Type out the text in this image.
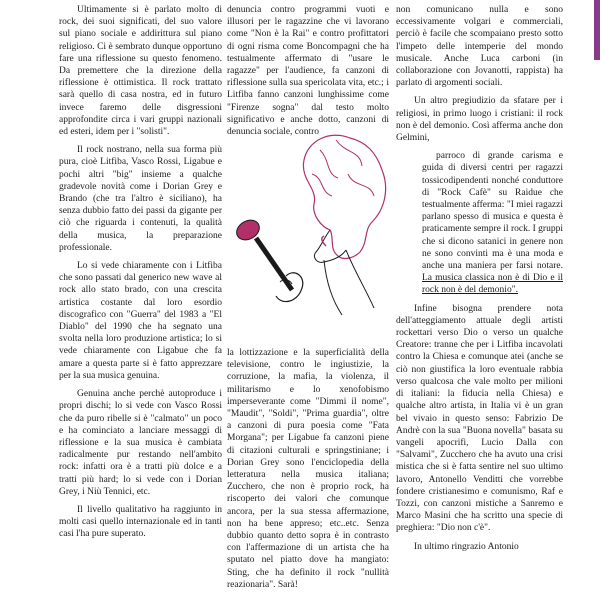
Ultimamente si è parlato molto di rock, dei suoi significati, del suo valore sul piano sociale e addirittura sul piano religioso. Ci è sembrato dunque opportuno fare una riflessione su questo fenomeno. Da premettere che la direzione della riflessione è ottimistica. Il rock trattato sarà quello di casa nostra, ed in futuro invece faremo delle disgressioni approfondite circa i vari gruppi nazionali ed esteri, idem per i "solisti".

Il rock nostrano, nella sua forma più pura, cioè Litfiba, Vasco Rossi, Ligabue e pochi altri "big" insieme a qualche gradevole novità come i Dorian Grey e Brando (che tra l'altro è siciliano), ha senza dubbio fatto dei passi da gigante per ciò che riguarda i contenuti, la qualità della musica, la preparazione professionale.

Lo si vede chiaramente con i Litfiba che sono passati dal generico new wave al rock allo stato brado, con una crescita artistica costante dal loro esordio discografico con "Guerra" del 1983 a "El Diablo" del 1990 che ha segnato una svolta nella loro produzione artistica; lo si vede chiaramente con Ligabue che fa amare a questa parte si è fatto apprezzare per la sua musica genuina.

Genuina anche perchè autoproduce i propri dischi; lo si vede con Vasco Rossi che da puro ribelle si è "calmato" un poco e ha cominciato a lanciare messaggi di riflessione e la sua musica è cambiata radicalmente pur restando nell'ambito rock: infatti ora è a tratti più dolce e a tratti più hard; lo si vede con i Dorian Grey, i Niù Tennici, etc.

Il livello qualitativo ha raggiunto in molti casi quello internazionale ed in tanti casi l'ha pure superato.

denuncia contro programmi vuoti e illusori per le ragazzine che vi lavorano come "Non è la Rai" e contro profittatori di ogni risma come Boncompagni che ha testualmente affermato di "usare le ragazze" per l'audience, fa canzoni di riflessione sulla sua spericolata vita, etc.; i Litfiba fanno canzoni lunghissime come "Firenze sogna" dal testo molto significativo e anche dotto, canzoni di denuncia sociale, contro

la lottizzazione e la superficialità della televisione, contro le ingiustizie, la corruzione, la mafia, la violenza, il militarismo e lo xenofobismo imperseverante come "Dimmi il nome", "Maudit", "Soldi", "Prima guardia", oltre a canzoni di pura poesia come "Fata Morgana"; per Ligabue fa canzoni piene di citazioni culturali e springstiniane; i Dorian Grey sono l'enciclopedia della letteratura nella musica italiana; Zucchero, che non è proprio rock, ha riscoperto dei valori che comunque ancora, per la sua stessa affermazione, non ha bene appreso; etc..etc. Senza dubbio quanto detto sopra è in contrasto con l'affermazione di un artista che ha sputato nel piatto dove ha mangiato: Sting, che ha definito il rock "nullità reazionaria". Sarà!

non comunicano nulla e sono eccessivamente volgari e commerciali, perciò è facile che scompaiano presto sotto l'impeto delle intemperie del mondo musicale. Anche Luca carboni (in collaborazione con Jovanotti, rappista) ha parlato di argomenti sociali.

Un altro pregiudizio da sfatare per i religiosi, in primo luogo i cristiani: il rock non è del demonio. Così afferma anche don Gelmini,

parroco di grande carisma e guida di diversi centri per ragazzi tossicodipendenti nonché conduttore di "Rock Cafè" su Raidue che testualmente afferma: "I miei ragazzi parlano spesso di musica e questa è praticamente sempre il rock. I gruppi che si dicono satanici in genere non ne sono convinti ma è una moda e anche una maniera per farsi notare. La musica classica non è di Dio e il rock non è del demonio".

Infine bisogna prendere nota dell'atteggiamento attuale degli artisti rockettari verso Dio o verso un qualche Creatore: tranne che per i Litfiba incavolati contro la Chiesa e comunque atei (anche se ciò non giustifica la loro eventuale rabbia verso qualcosa che vale molto per milioni di italiani: la fiducia nella Chiesa) e qualche altro artista, in Italia vi è un gran bel vivaio in questo senso: Fabrizio De Andrè con la sua "Buona novella" basata su vangeli apocrifi, Lucio Dalla con "Salvami", Zucchero che ha avuto una crisi mistica che si è fatta sentire nel suo ultimo lavoro, Antonello Venditti che vorrebbe fondere cristianesimo e comunismo, Raf e Tozzi, con canzoni mistiche a Sanremo e Marco Masini che ha scritto una specie di preghiera: "Dio non c'è".

In ultimo ringrazio Antonio
